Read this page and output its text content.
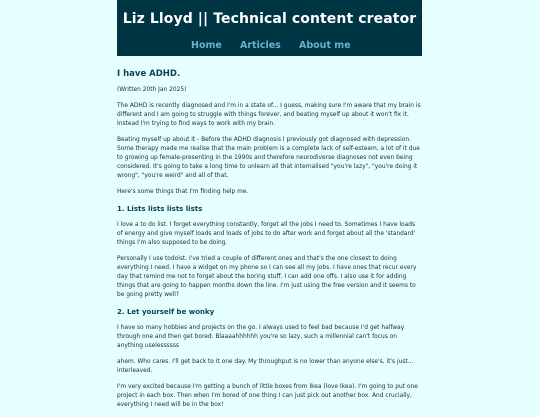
Liz Lloyd || Technical content creator
Home Articles About me
I have ADHD.

(Written 20th Jan 2025)

The ADHD is recently diagnosed and I'm in a state of... I guess, making sure I'm aware that my brain is different and I am going to struggle with things forever, and beating myself up about it won't fix it. Instead I'm trying to find ways to work with my brain.

Beating myself up about it - Before the ADHD diagnosis I previously got diagnosed with depression. Some therapy made me realise that the main problem is a complete lack of self-esteem, a lot of it due to growing up female-presenting in the 1990s and therefore neurodiverse diagnoses not even being considered. It's going to take a long time to unlearn all that internalised "you're lazy", "you're doing it wrong", "you're weird" and all of that.

Here's some things that I'm finding help me.

1. Lists lists lists lists

I love a to do list. I forget everything constantly, forget all the jobs I need to. Sometimes I have loads of energy and give myself loads and loads of jobs to do after work and forget about all the 'standard' things I'm also supposed to be doing.

Personally I use todoist. I've tried a couple of different ones and that's the one closest to doing everything I need. I have a widget on my phone so I can see all my jobs. I have ones that recur every day that remind me not to forget about the boring stuff. I can add one offs. I also use it for adding things that are going to happen months down the line. I'm just using the free version and it seems to be going pretty well?

2. Let yourself be wonky

I have so many hobbies and projects on the go. I always used to feel bad because I'd get halfway through one and then get bored. Blaaaahhhhhh you're so lazy, such a millennial can't focus on anything uselessssss

ahem. Who cares. I'll get back to it one day. My throughput is no lower than anyone else's, it's just... interleaved.

I'm very excited because I'm getting a bunch of little boxes from Ikea (love Ikea). I'm going to put one project in each box. Then when I'm bored of one thing I can just pick out another box. And crucially, everything I need will be in the box!
